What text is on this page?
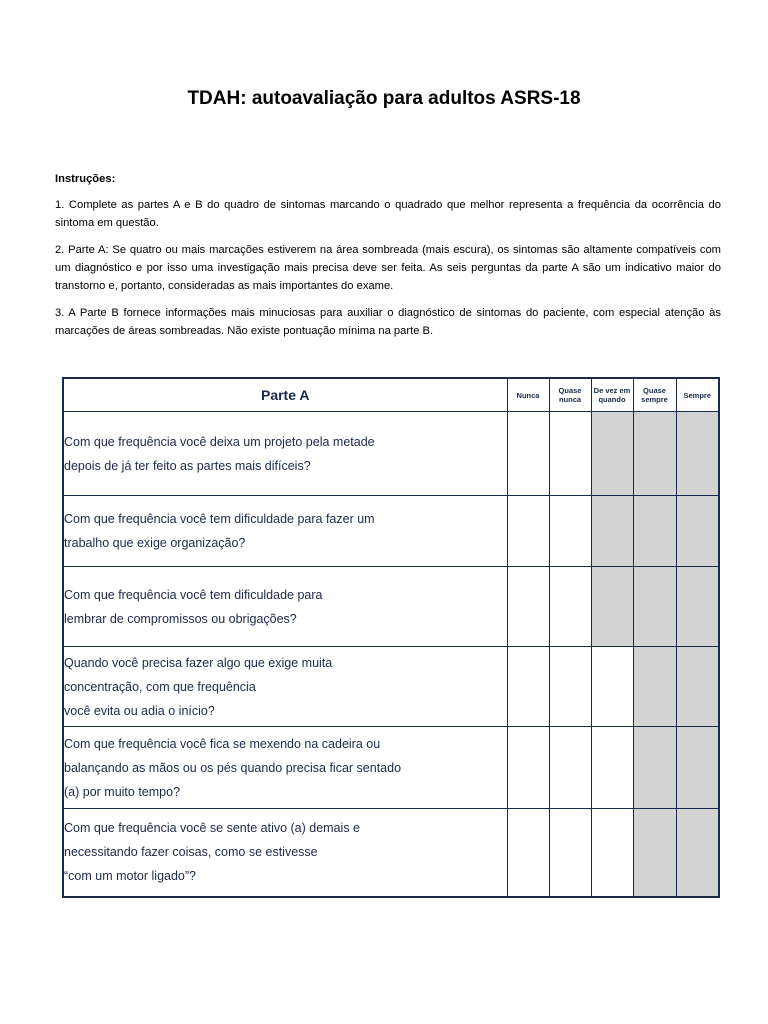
TDAH: autoavaliação para adultos ASRS-18
Instruções:
1. Complete as partes A e B do quadro de sintomas marcando o quadrado que melhor representa a frequência da ocorrência do sintoma em questão.
2. Parte A: Se quatro ou mais marcações estiverem na área sombreada (mais escura), os sintomas são altamente compatíveis com um diagnóstico e por isso uma investigação mais precisa deve ser feita. As seis perguntas da parte A são um indicativo maior do transtorno e, portanto, consideradas as mais importantes do exame.
3. A Parte B fornece informações mais minuciosas para auxiliar o diagnóstico de sintomas do paciente, com especial atenção às marcações de áreas sombreadas. Não existe pontuação mínima na parte B.
Parte A	Nunca	Quase nunca	De vez em quando	Quase sempre	Sempre

Com que frequência você deixa um projeto pela metade
depois de já ter feito as partes mais difíceis?					

Com que frequência você tem dificuldade para fazer um
trabalho que exige organização?					

Com que frequência você tem dificuldade para
lembrar de compromissos ou obrigações?					

Quando você precisa fazer algo que exige muita
concentração, com que frequência
você evita ou adia o início?					

Com que frequência você fica se mexendo na cadeira ou
balançando as mãos ou os pés quando precisa ficar sentado
(a) por muito tempo?					

Com que frequência você se sente ativo (a) demais e
necessitando fazer coisas, como se estivesse
“com um motor ligado”?					
